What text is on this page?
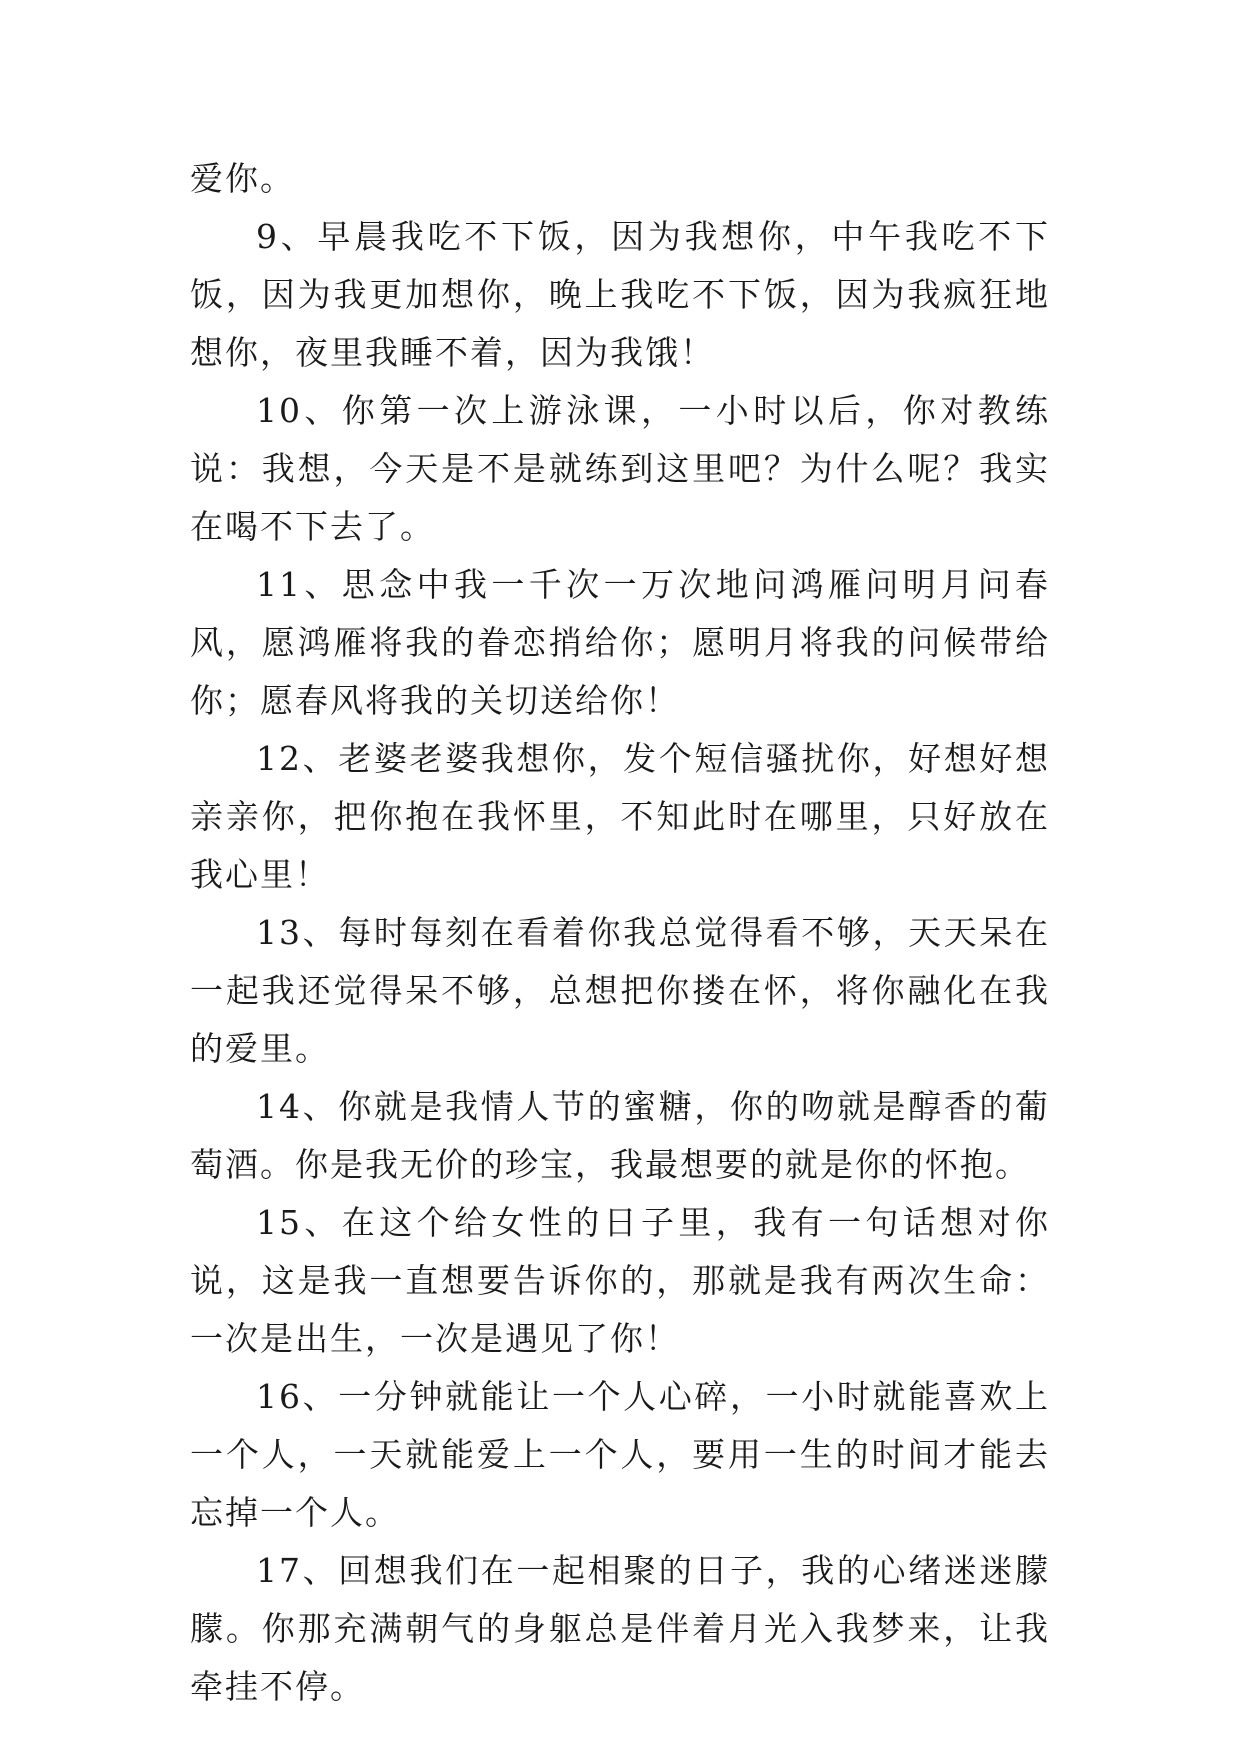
爱你。

9、早晨我吃不下饭，因为我想你，中午我吃不下饭，因为我更加想你，晚上我吃不下饭，因为我疯狂地想你，夜里我睡不着，因为我饿！

10、你第一次上游泳课，一小时以后，你对教练说：我想，今天是不是就练到这里吧？为什么呢？我实在喝不下去了。

11、思念中我一千次一万次地问鸿雁问明月问春风，愿鸿雁将我的眷恋捎给你；愿明月将我的问候带给你；愿春风将我的关切送给你！

12、老婆老婆我想你，发个短信骚扰你，好想好想亲亲你，把你抱在我怀里，不知此时在哪里，只好放在我心里！

13、每时每刻在看着你我总觉得看不够，天天呆在一起我还觉得呆不够，总想把你搂在怀，将你融化在我的爱里。

14、你就是我情人节的蜜糖，你的吻就是醇香的葡萄酒。你是我无价的珍宝，我最想要的就是你的怀抱。

15、在这个给女性的日子里，我有一句话想对你说，这是我一直想要告诉你的，那就是我有两次生命：一次是出生，一次是遇见了你！

16、一分钟就能让一个人心碎，一小时就能喜欢上一个人，一天就能爱上一个人，要用一生的时间才能去忘掉一个人。

17、回想我们在一起相聚的日子，我的心绪迷迷朦朦。你那充满朝气的身躯总是伴着月光入我梦来，让我牵挂不停。
